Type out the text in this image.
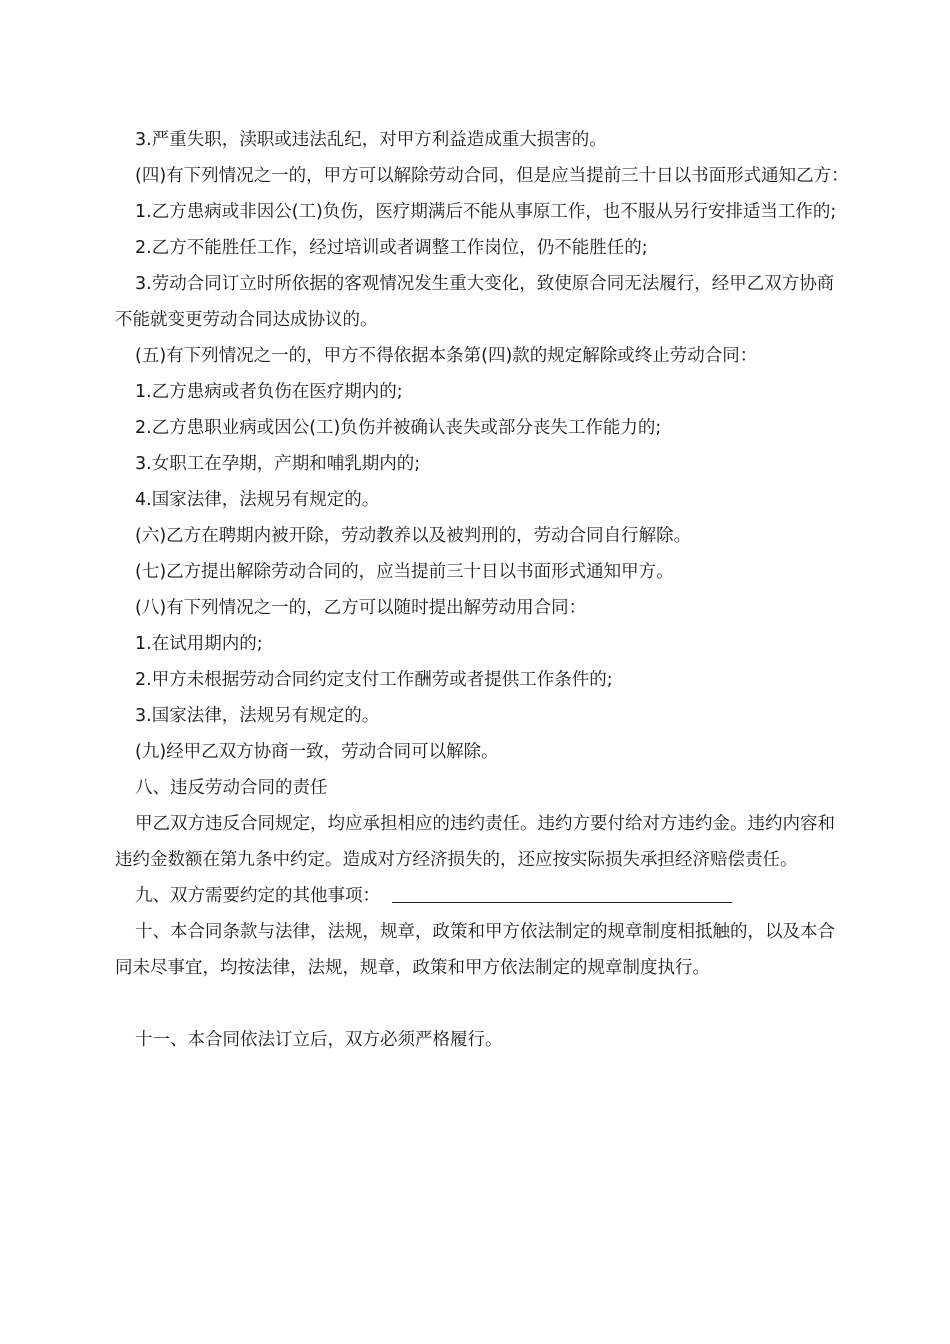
3.严重失职，渎职或违法乱纪，对甲方利益造成重大损害的。

(四)有下列情况之一的，甲方可以解除劳动合同，但是应当提前三十日以书面形式通知乙方：

1.乙方患病或非因公(工)负伤，医疗期满后不能从事原工作，也不服从另行安排适当工作的;

2.乙方不能胜任工作，经过培训或者调整工作岗位，仍不能胜任的;

3.劳动合同订立时所依据的客观情况发生重大变化，致使原合同无法履行，经甲乙双方协商不能就变更劳动合同达成协议的。

(五)有下列情况之一的，甲方不得依据本条第(四)款的规定解除或终止劳动合同：

1.乙方患病或者负伤在医疗期内的;

2.乙方患职业病或因公(工)负伤并被确认丧失或部分丧失工作能力的;

3.女职工在孕期，产期和哺乳期内的;

4.国家法律，法规另有规定的。

(六)乙方在聘期内被开除，劳动教养以及被判刑的，劳动合同自行解除。

(七)乙方提出解除劳动合同的，应当提前三十日以书面形式通知甲方。

(八)有下列情况之一的，乙方可以随时提出解劳动用合同：

1.在试用期内的;

2.甲方未根据劳动合同约定支付工作酬劳或者提供工作条件的;

3.国家法律，法规另有规定的。

(九)经甲乙双方协商一致，劳动合同可以解除。

八、违反劳动合同的责任

甲乙双方违反合同规定，均应承担相应的违约责任。违约方要付给对方违约金。违约内容和违约金数额在第九条中约定。造成对方经济损失的，还应按实际损失承担经济赔偿责任。

九、双方需要约定的其他事项：

十、本合同条款与法律，法规，规章，政策和甲方依法制定的规章制度相抵触的，以及本合同未尽事宜，均按法律，法规，规章，政策和甲方依法制定的规章制度执行。

十一、本合同依法订立后，双方必须严格履行。
